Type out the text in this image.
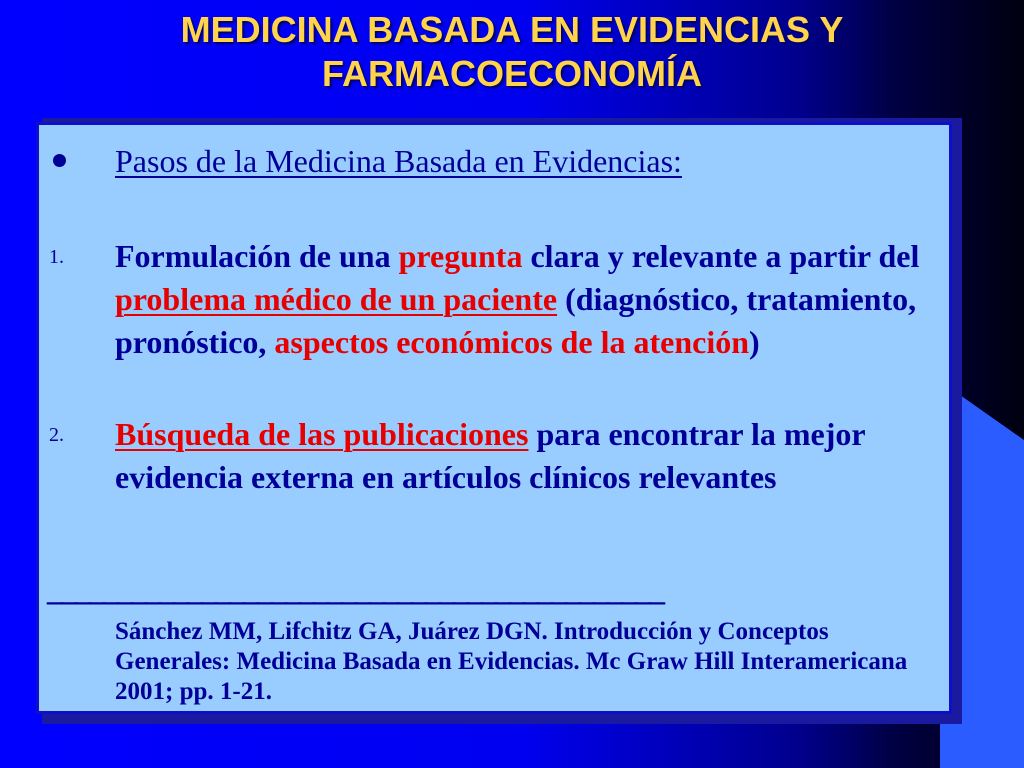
MEDICINA BASADA EN EVIDENCIAS Y
FARMACOECONOMÍA
Pasos de la Medicina Basada en Evidencias:
1. Formulación de una pregunta clara y relevante a partir del problema médico de un paciente (diagnóstico, tratamiento, pronóstico, aspectos económicos de la atención)
2. Búsqueda de las publicaciones para encontrar la mejor evidencia externa en artículos clínicos relevantes
____________________________________________
Sánchez MM, Lifchitz GA, Juárez DGN. Introducción y Conceptos Generales: Medicina Basada en Evidencias. Mc Graw Hill Interamericana 2001; pp. 1-21.
